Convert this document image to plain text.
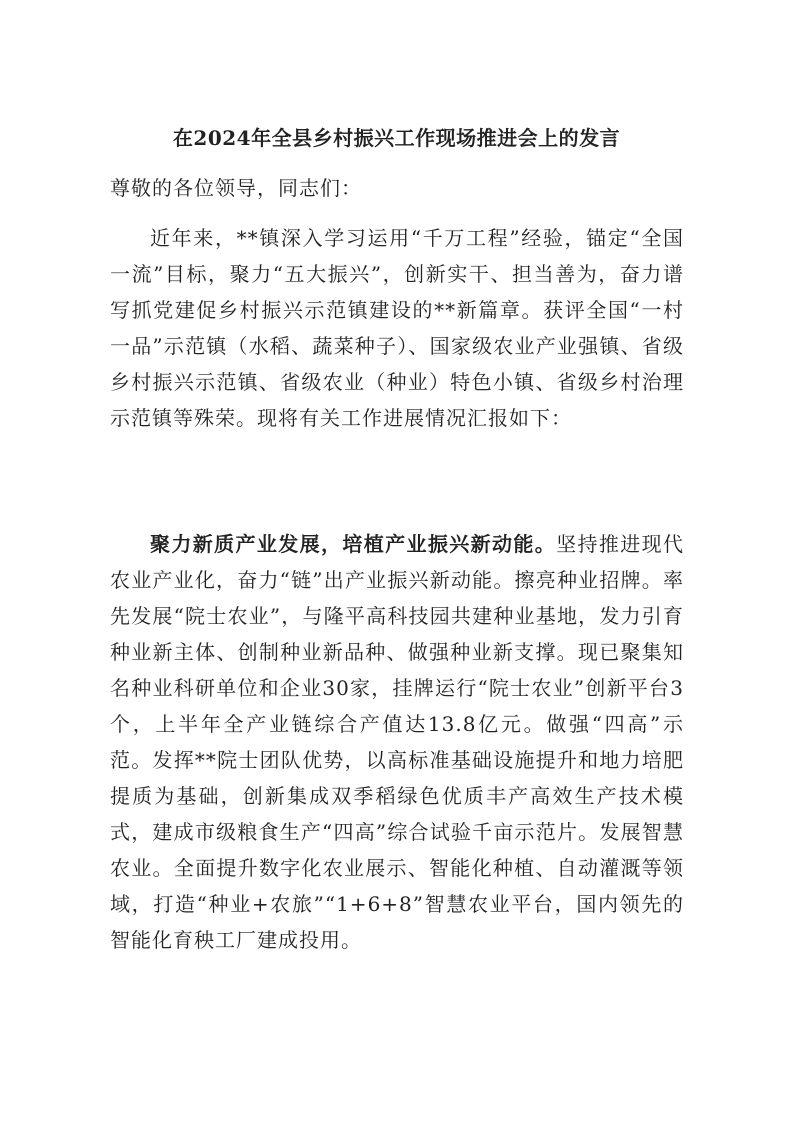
在2024年全县乡村振兴工作现场推进会上的发言

尊敬的各位领导，同志们：

近年来，**镇深入学习运用“千万工程”经验，锚定“全国一流”目标，聚力“五大振兴”，创新实干、担当善为，奋力谱写抓党建促乡村振兴示范镇建设的**新篇章。获评全国“一村一品”示范镇（水稻、蔬菜种子）、国家级农业产业强镇、省级乡村振兴示范镇、省级农业（种业）特色小镇、省级乡村治理示范镇等殊荣。现将有关工作进展情况汇报如下：

聚力新质产业发展，培植产业振兴新动能。坚持推进现代农业产业化，奋力“链”出产业振兴新动能。擦亮种业招牌。率先发展“院士农业”，与隆平高科技园共建种业基地，发力引育种业新主体、创制种业新品种、做强种业新支撑。现已聚集知名种业科研单位和企业30家，挂牌运行“院士农业”创新平台3个，上半年全产业链综合产值达13.8亿元。做强“四高”示范。发挥**院士团队优势，以高标准基础设施提升和地力培肥提质为基础，创新集成双季稻绿色优质丰产高效生产技术模式，建成市级粮食生产“四高”综合试验千亩示范片。发展智慧农业。全面提升数字化农业展示、智能化种植、自动灌溉等领域，打造“种业+农旅”“1+6+8”智慧农业平台，国内领先的智能化育秧工厂建成投用。
